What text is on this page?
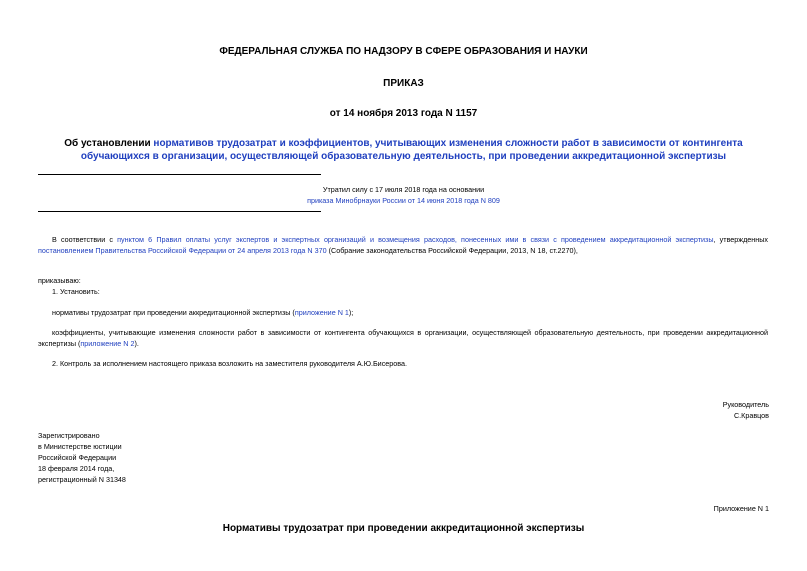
ФЕДЕРАЛЬНАЯ СЛУЖБА ПО НАДЗОРУ В СФЕРЕ ОБРАЗОВАНИЯ И НАУКИ
ПРИКАЗ
от 14 ноября 2013 года N 1157
Об установлении нормативов трудозатрат и коэффициентов, учитывающих изменения сложности работ в зависимости от контингента обучающихся в организации, осуществляющей образовательную деятельность, при проведении аккредитационной экспертизы
Утратил силу с 17 июля 2018 года на основании
приказа Минобрнауки России от 14 июня 2018 года N 809
В соответствии с пунктом 6 Правил оплаты услуг экспертов и экспертных организаций и возмещения расходов, понесенных ими в связи с проведением аккредитационной экспертизы, утвержденных постановлением Правительства Российской Федерации от 24 апреля 2013 года N 370 (Собрание законодательства Российской Федерации, 2013, N 18, ст.2270),
приказываю:
1. Установить:
нормативы трудозатрат при проведении аккредитационной экспертизы (приложение N 1);
коэффициенты, учитывающие изменения сложности работ в зависимости от контингента обучающихся в организации, осуществляющей образовательную деятельность, при проведении аккредитационной экспертизы (приложение N 2).
2. Контроль за исполнением настоящего приказа возложить на заместителя руководителя А.Ю.Бисерова.
Руководитель
С.Кравцов
Зарегистрировано
в Министерстве юстиции
Российской Федерации
18 февраля 2014 года,
регистрационный N 31348
Приложение N 1
Нормативы трудозатрат при проведении аккредитационной экспертизы
